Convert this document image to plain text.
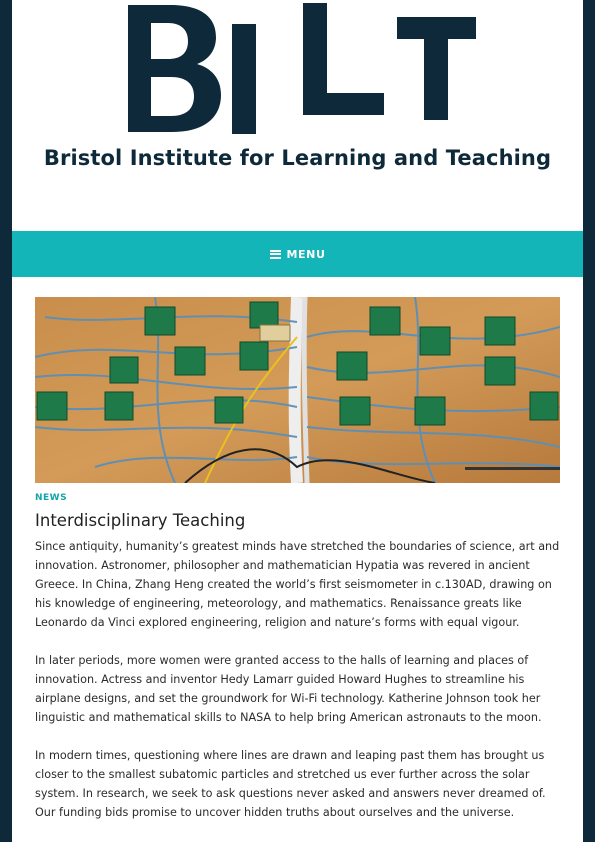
Bristol Institute for Learning and Teaching
MENU
NEWS
Interdisciplinary Teaching

Since antiquity, humanity’s greatest minds have stretched the boundaries of science, art and innovation. Astronomer, philosopher and mathematician Hypatia was revered in ancient Greece. In China, Zhang Heng created the world’s first seismometer in c.130AD, drawing on his knowledge of engineering, meteorology, and mathematics. Renaissance greats like Leonardo da Vinci explored engineering, religion and nature’s forms with equal vigour.

In later periods, more women were granted access to the halls of learning and places of innovation. Actress and inventor Hedy Lamarr guided Howard Hughes to streamline his airplane designs, and set the groundwork for Wi-Fi technology. Katherine Johnson took her linguistic and mathematical skills to NASA to help bring American astronauts to the moon.

In modern times, questioning where lines are drawn and leaping past them has brought us closer to the smallest subatomic particles and stretched us ever further across the solar system. In research, we seek to ask questions never asked and answers never dreamed of. Our funding bids promise to uncover hidden truths about ourselves and the universe.
